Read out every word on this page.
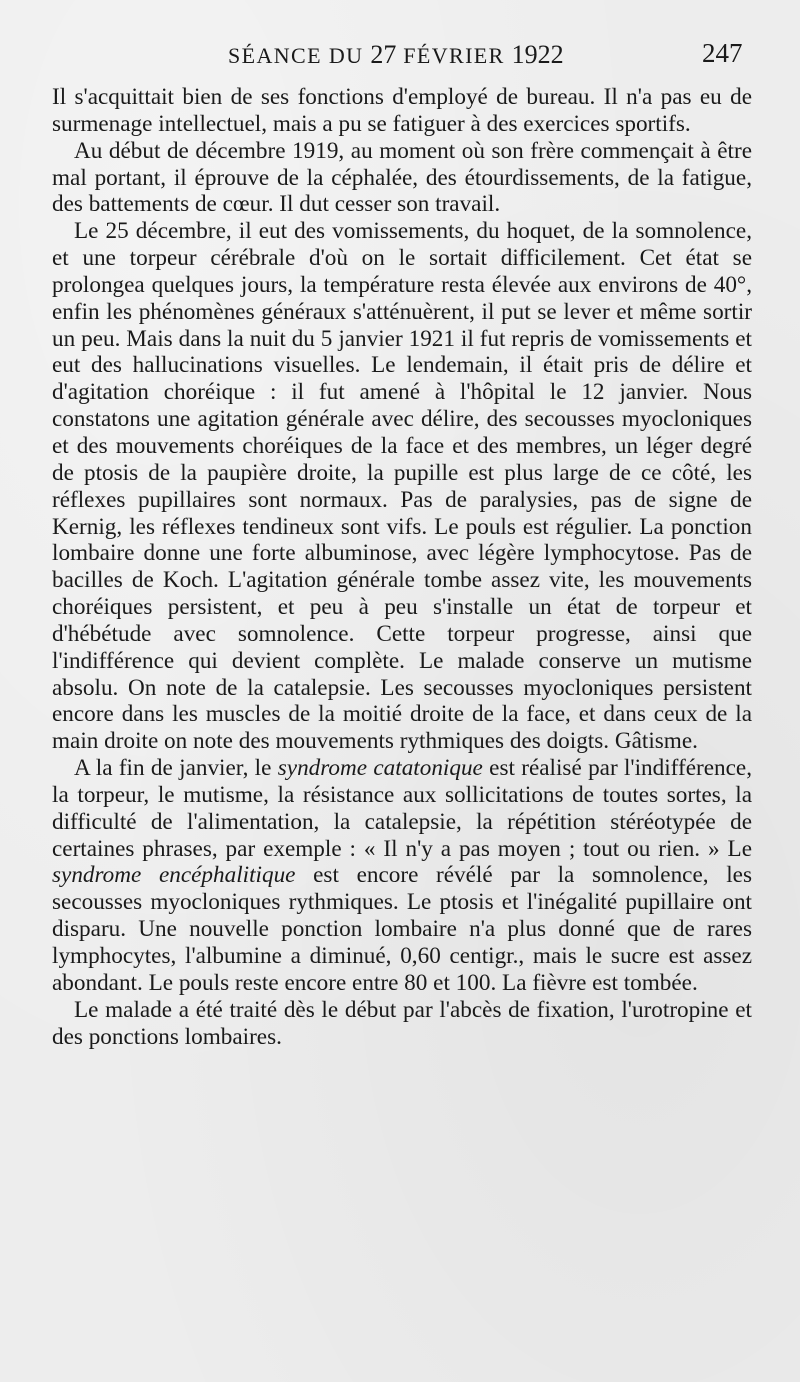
SÉANCE DU 27 FÉVRIER 1922	247

Il s'acquittait bien de ses fonctions d'employé de bureau. Il n'a pas eu de surmenage intellectuel, mais a pu se fatiguer à des exercices sportifs.

Au début de décembre 1919, au moment où son frère commençait à être mal portant, il éprouve de la céphalée, des étourdissements, de la fatigue, des battements de cœur. Il dut cesser son travail.

Le 25 décembre, il eut des vomissements, du hoquet, de la somnolence, et une torpeur cérébrale d'où on le sortait difficilement. Cet état se prolongea quelques jours, la température resta élevée aux environs de 40°, enfin les phénomènes généraux s'atténuèrent, il put se lever et même sortir un peu. Mais dans la nuit du 5 janvier 1921 il fut repris de vomissements et eut des hallucinations visuelles. Le lendemain, il était pris de délire et d'agitation choréique : il fut amené à l'hôpital le 12 janvier. Nous constatons une agitation générale avec délire, des secousses myocloniques et des mouvements choréiques de la face et des membres, un léger degré de ptosis de la paupière droite, la pupille est plus large de ce côté, les réflexes pupillaires sont normaux. Pas de paralysies, pas de signe de Kernig, les réflexes tendineux sont vifs. Le pouls est régulier. La ponction lombaire donne une forte albuminose, avec légère lymphocytose. Pas de bacilles de Koch. L'agitation générale tombe assez vite, les mouvements choréiques persistent, et peu à peu s'installe un état de torpeur et d'hébétude avec somnolence. Cette torpeur progresse, ainsi que l'indifférence qui devient complète. Le malade conserve un mutisme absolu. On note de la catalepsie. Les secousses myocloniques persistent encore dans les muscles de la moitié droite de la face, et dans ceux de la main droite on note des mouvements rythmiques des doigts. Gâtisme.

A la fin de janvier, le syndrome catatonique est réalisé par l'indifférence, la torpeur, le mutisme, la résistance aux sollicitations de toutes sortes, la difficulté de l'alimentation, la catalepsie, la répétition stéréotypée de certaines phrases, par exemple : « Il n'y a pas moyen ; tout ou rien. » Le syndrome encéphalitique est encore révélé par la somnolence, les secousses myocloniques rythmiques. Le ptosis et l'inégalité pupillaire ont disparu. Une nouvelle ponction lombaire n'a plus donné que de rares lymphocytes, l'albumine a diminué, 0,60 centigr., mais le sucre est assez abondant. Le pouls reste encore entre 80 et 100. La fièvre est tombée.

Le malade a été traité dès le début par l'abcès de fixation, l'urotropine et des ponctions lombaires.
